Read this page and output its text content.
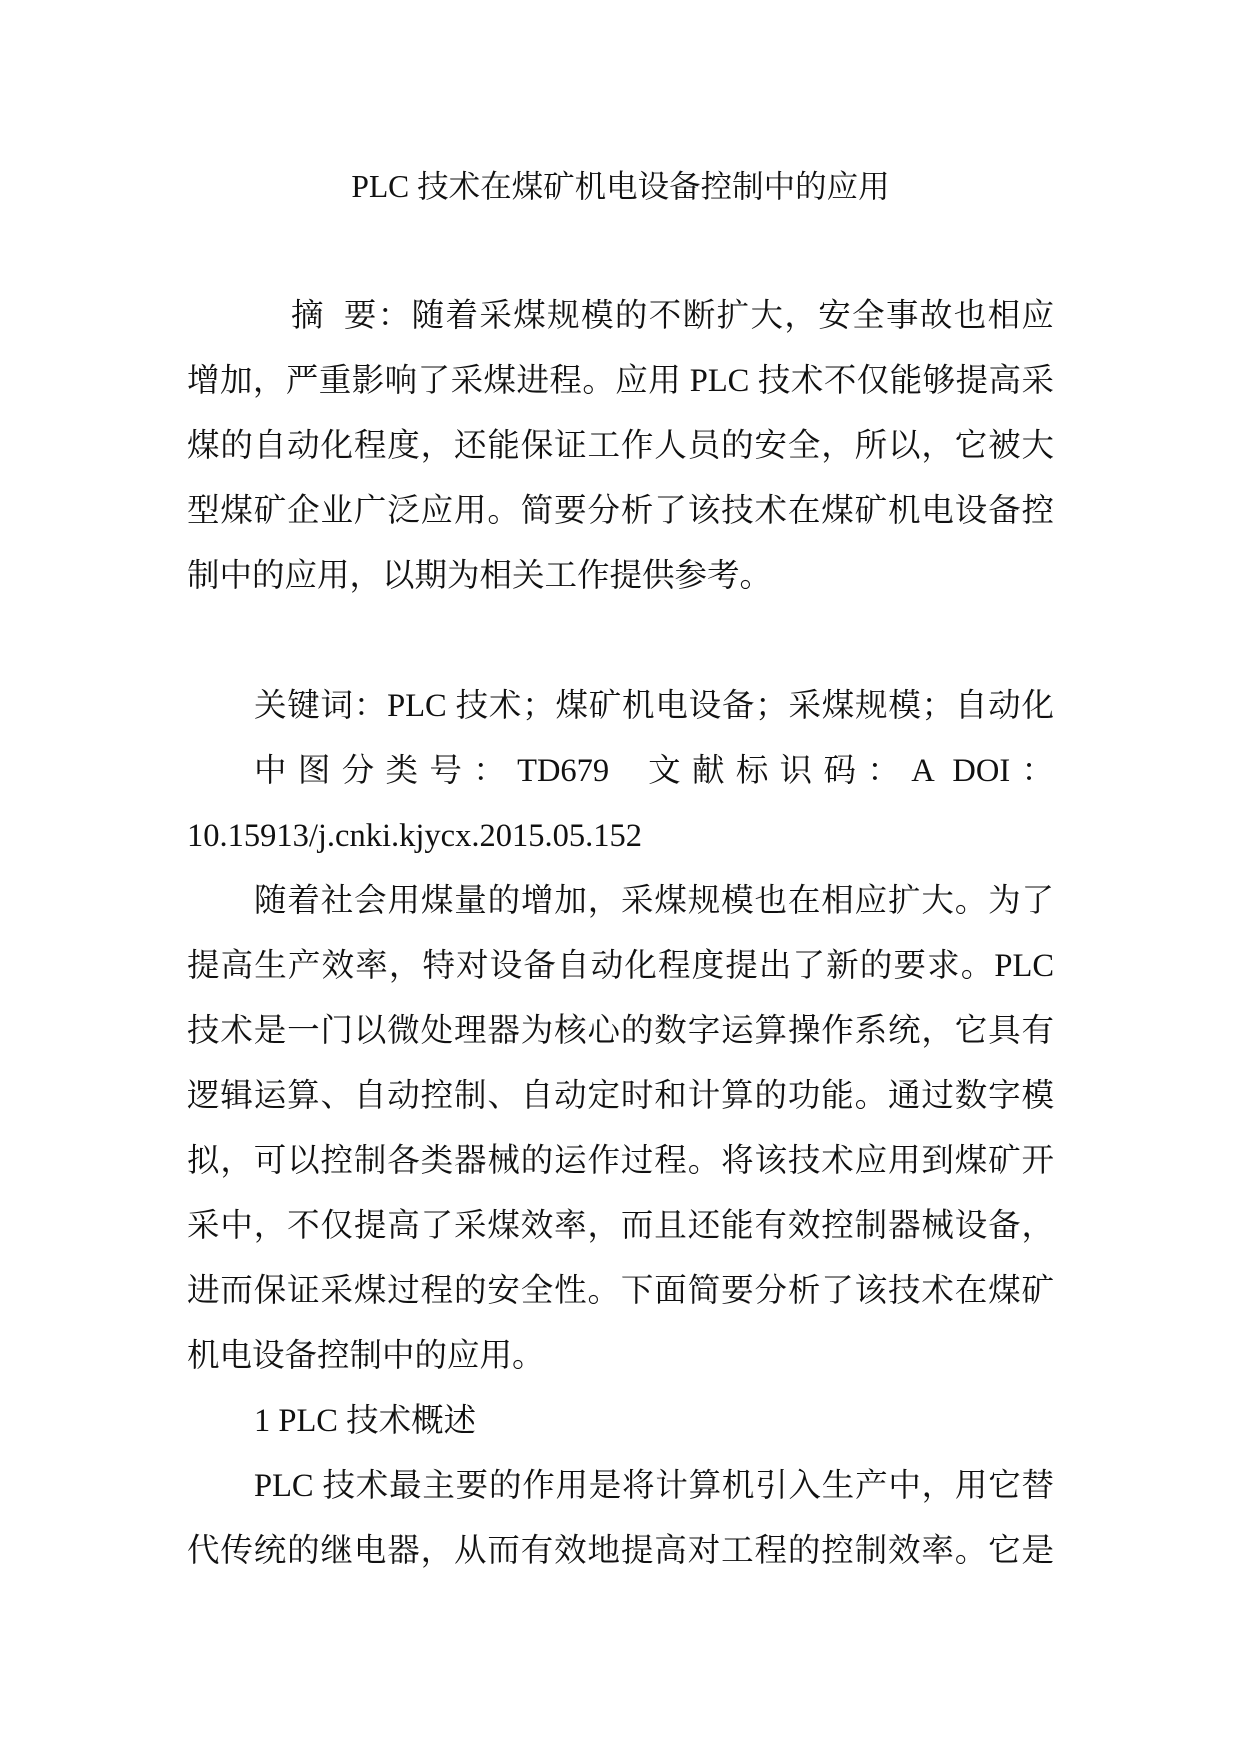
PLC 技术在煤矿机电设备控制中的应用
摘  要：随着采煤规模的不断扩大，安全事故也相应
增加，严重影响了采煤进程。应用 PLC 技术不仅能够提高采
煤的自动化程度，还能保证工作人员的安全，所以，它被大
型煤矿企业广泛应用。简要分析了该技术在煤矿机电设备控
制中的应用，以期为相关工作提供参考。
关键词：PLC 技术；煤矿机电设备；采煤规模；自动化
中图分类号：TD679 文献标识码：A DOI：
10.15913/j.cnki.kjycx.2015.05.152
随着社会用煤量的增加，采煤规模也在相应扩大。为了
提高生产效率，特对设备自动化程度提出了新的要求。PLC
技术是一门以微处理器为核心的数字运算操作系统，它具有
逻辑运算、自动控制、自动定时和计算的功能。通过数字模
拟，可以控制各类器械的运作过程。将该技术应用到煤矿开
采中，不仅提高了采煤效率，而且还能有效控制器械设备，
进而保证采煤过程的安全性。下面简要分析了该技术在煤矿
机电设备控制中的应用。
1 PLC 技术概述
PLC 技术最主要的作用是将计算机引入生产中，用它替
代传统的继电器，从而有效地提高对工程的控制效率。它是
